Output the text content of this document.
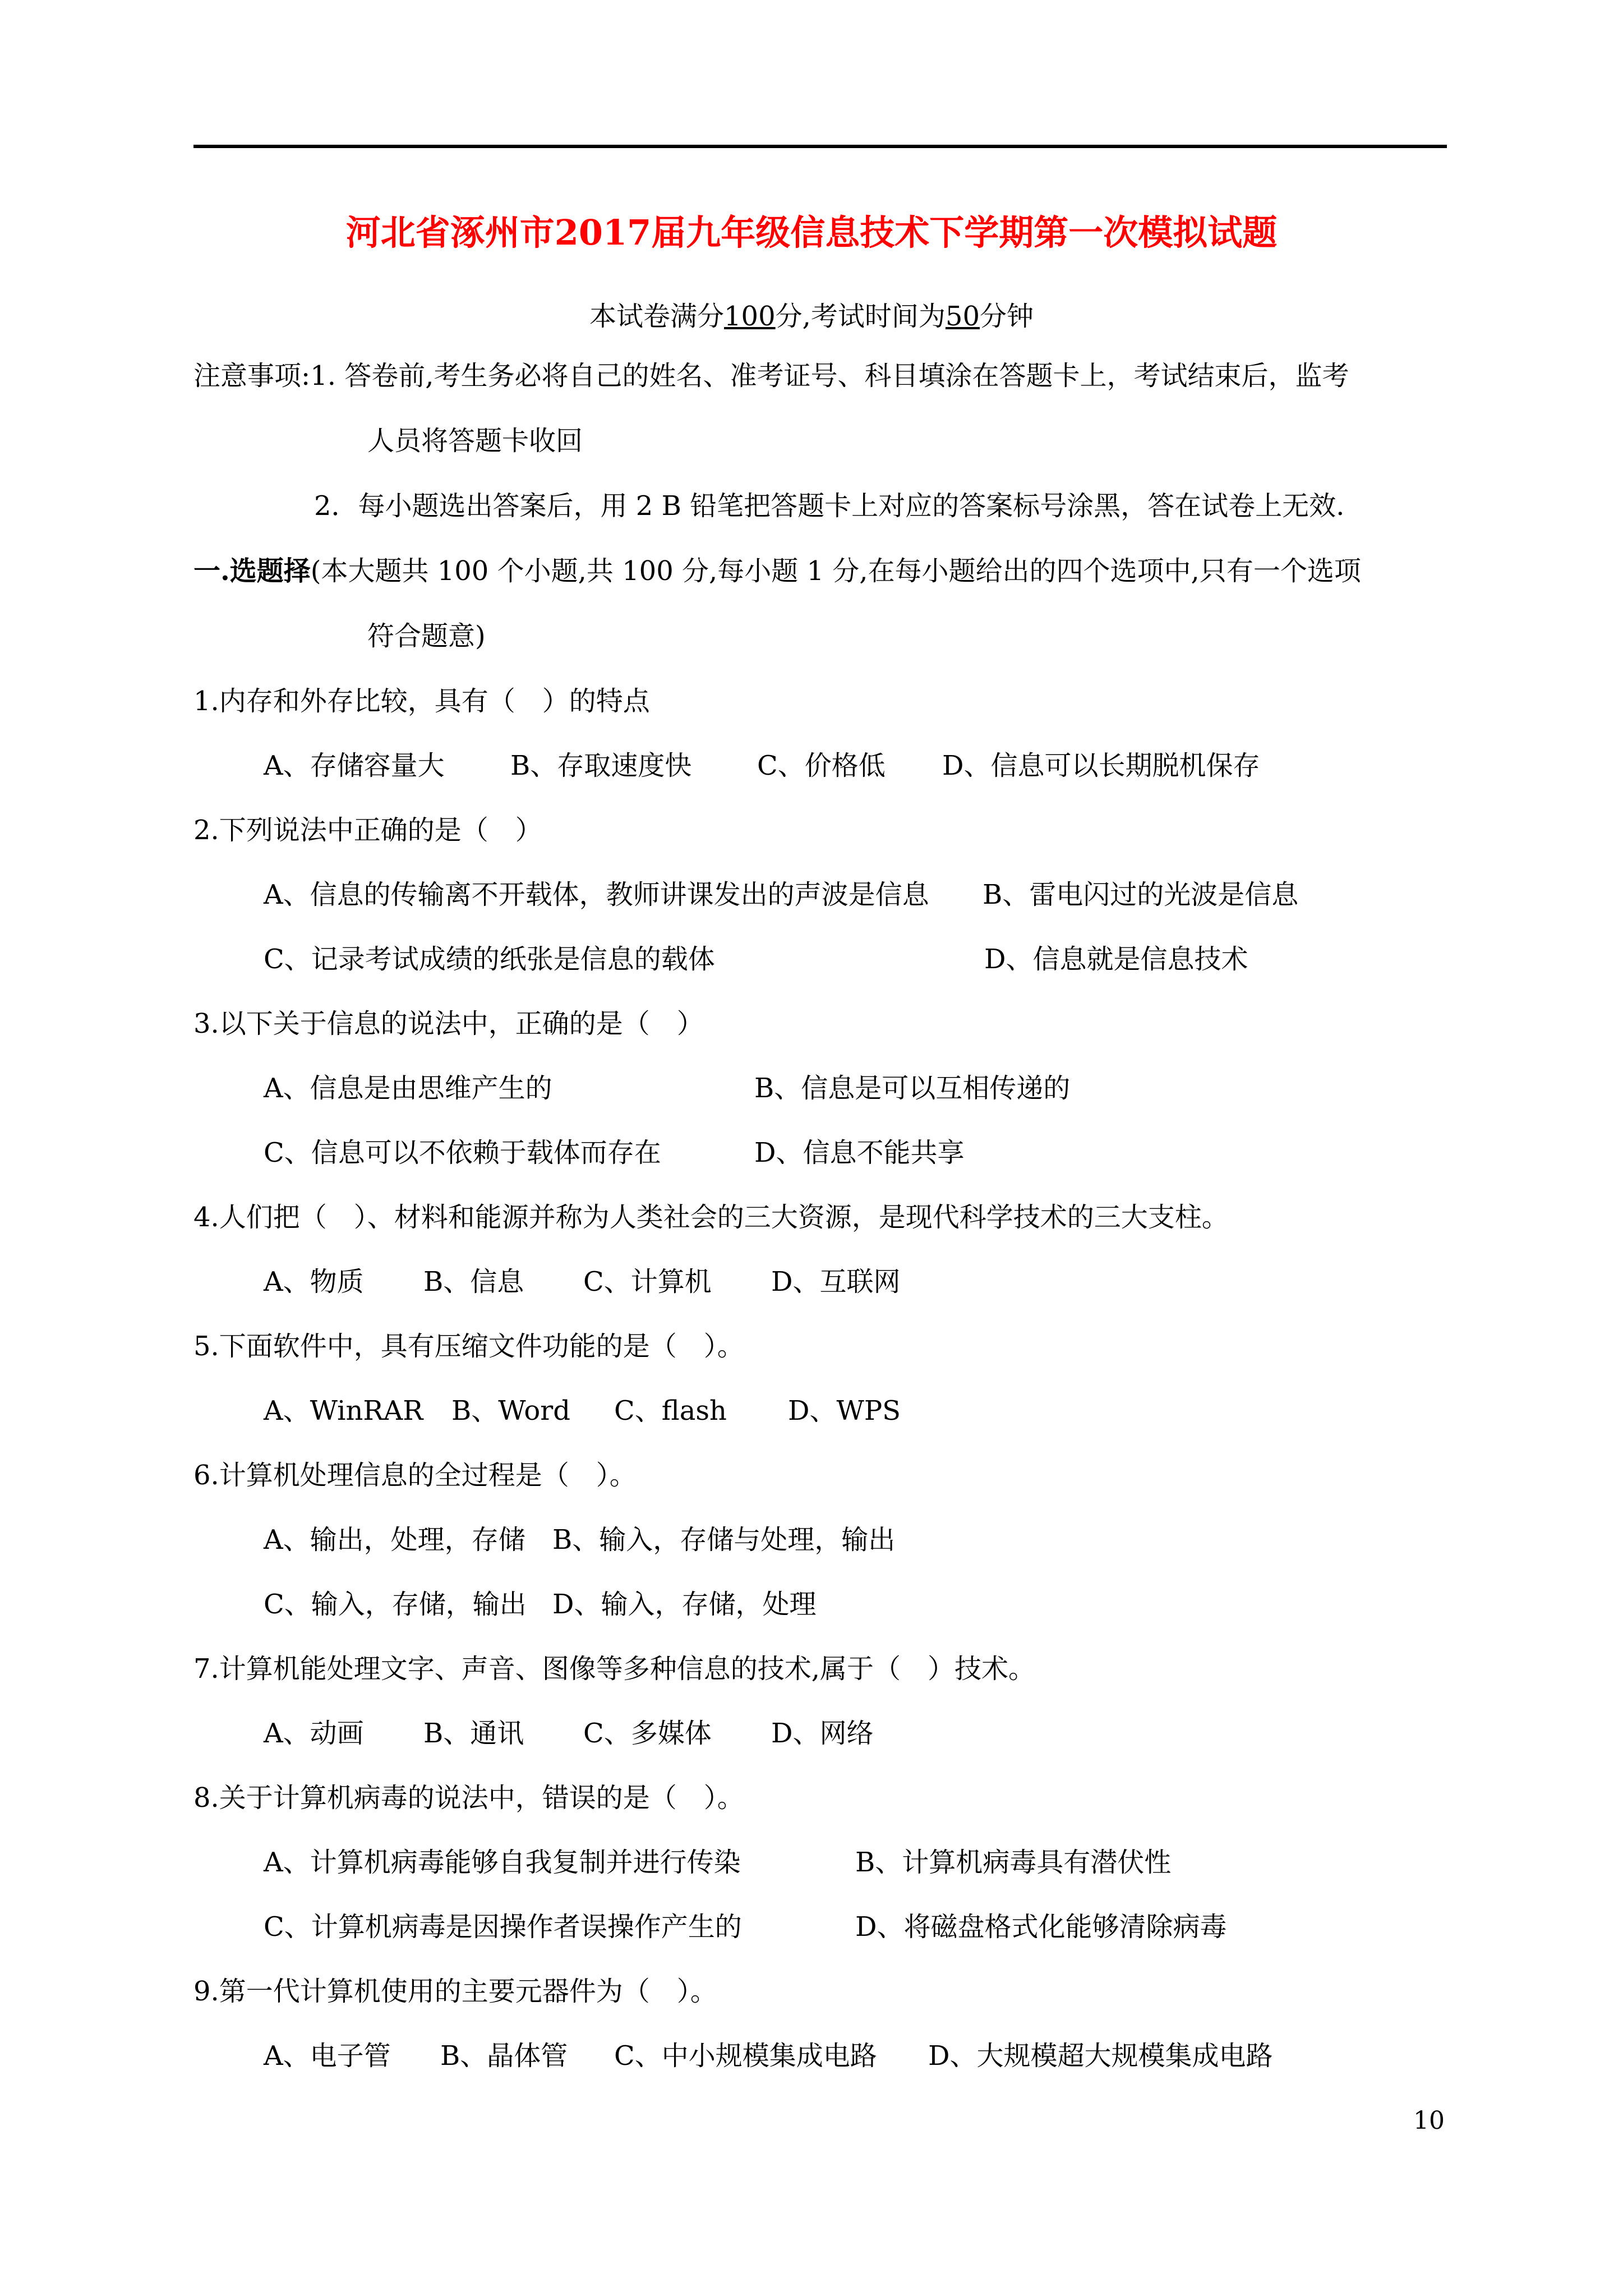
河北省涿州市2017届九年级信息技术下学期第一次模拟试题
本试卷满分100分,考试时间为50分钟
注意事项:1. 答卷前,考生务必将自己的姓名、准考证号、科目填涂在答题卡上，考试结束后，监考
人员将答题卡收回
2．每小题选出答案后，用 2 B 铅笔把答题卡上对应的答案标号涂黑，答在试卷上无效.
一.选题择(本大题共 100 个小题,共 100 分,每小题 1 分,在每小题给出的四个选项中,只有一个选项
符合题意)
1.内存和外存比较，具有（　）的特点
A、存储容量大 B、存取速度快 C、价格低 D、信息可以长期脱机保存
2.下列说法中正确的是（　）
A、信息的传输离不开载体，教师讲课发出的声波是信息 B、雷电闪过的光波是信息
C、记录考试成绩的纸张是信息的载体	D、信息就是信息技术
3.以下关于信息的说法中，正确的是（　）
A、信息是由思维产生的	B、信息是可以互相传递的
C、信息可以不依赖于载体而存在	D、信息不能共享
4.人们把（　）、材料和能源并称为人类社会的三大资源，是现代科学技术的三大支柱。
A、物质 B、信息 C、计算机 D、互联网
5.下面软件中，具有压缩文件功能的是（　）。
A、WinRAR B、Word C、flash D、WPS
6.计算机处理信息的全过程是（　）。
A、输出，处理，存储 B、输入，存储与处理，输出
C、输入，存储，输出 D、输入，存储，处理
7.计算机能处理文字、声音、图像等多种信息的技术,属于（　）技术。
A、动画 B、通讯 C、多媒体 D、网络
8.关于计算机病毒的说法中，错误的是（　）。
A、计算机病毒能够自我复制并进行传染	B、计算机病毒具有潜伏性
C、计算机病毒是因操作者误操作产生的	D、将磁盘格式化能够清除病毒
9.第一代计算机使用的主要元器件为（　）。
A、电子管 B、晶体管 C、中小规模集成电路 D、大规模超大规模集成电路
10
